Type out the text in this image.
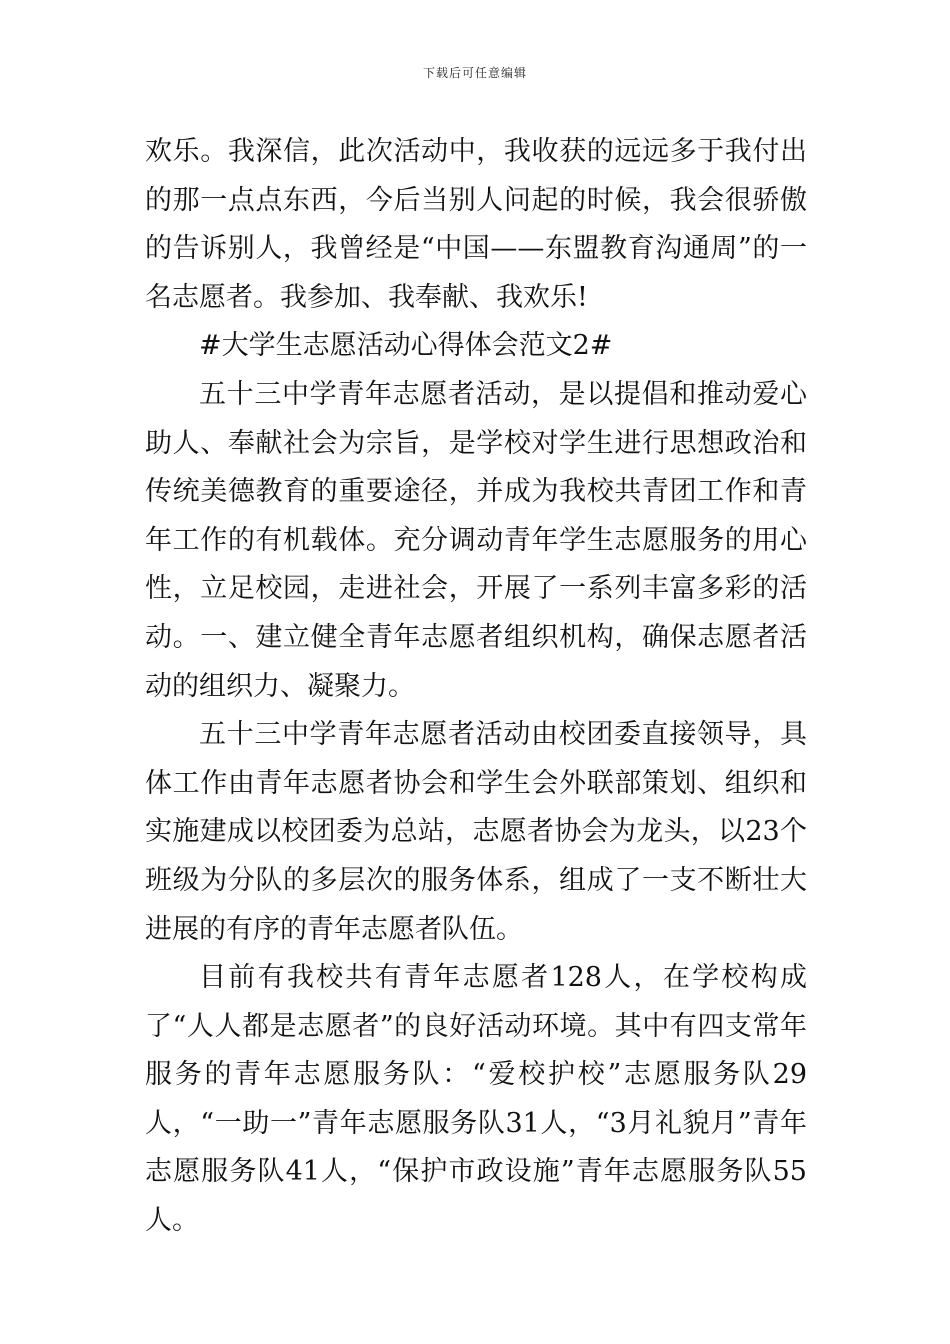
下载后可任意编辑

欢乐。我深信，此次活动中，我收获的远远多于我付出的那一点点东西，今后当别人问起的时候，我会很骄傲的告诉别人，我曾经是“中国——东盟教育沟通周”的一名志愿者。我参加、我奉献、我欢乐!

#大学生志愿活动心得体会范文2#

五十三中学青年志愿者活动，是以提倡和推动爱心助人、奉献社会为宗旨，是学校对学生进行思想政治和传统美德教育的重要途径，并成为我校共青团工作和青年工作的有机载体。充分调动青年学生志愿服务的用心性，立足校园，走进社会，开展了一系列丰富多彩的活动。一、建立健全青年志愿者组织机构，确保志愿者活动的组织力、凝聚力。

五十三中学青年志愿者活动由校团委直接领导，具体工作由青年志愿者协会和学生会外联部策划、组织和实施建成以校团委为总站，志愿者协会为龙头，以23个班级为分队的多层次的服务体系，组成了一支不断壮大进展的有序的青年志愿者队伍。

目前有我校共有青年志愿者128人，在学校构成了“人人都是志愿者”的良好活动环境。其中有四支常年服务的青年志愿服务队：“爱校护校”志愿服务队29人，“一助一”青年志愿服务队31人，“3月礼貌月”青年志愿服务队41人，“保护市政设施”青年志愿服务队55人。
